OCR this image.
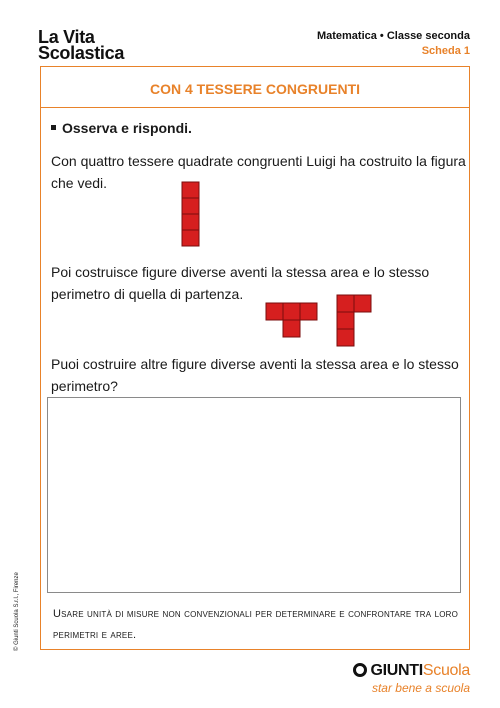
La Vita
Scolastica
Matematica • Classe seconda
Scheda 1
CON 4 TESSERE CONGRUENTI
Osserva e rispondi.
Con quattro tessere quadrate congruenti Luigi ha costruito la figura che vedi.
Poi costruisce figure diverse aventi la stessa area e lo stesso perimetro di quella di partenza.
Puoi costruire altre figure diverse aventi la stessa area e lo stesso perimetro?
Usare unità di misure non convenzionali per determinare e confrontare tra loro perimetri e aree.
© Giunti Scuola S.r.l., Firenze
GIUNTIScuola
star bene a scuola
